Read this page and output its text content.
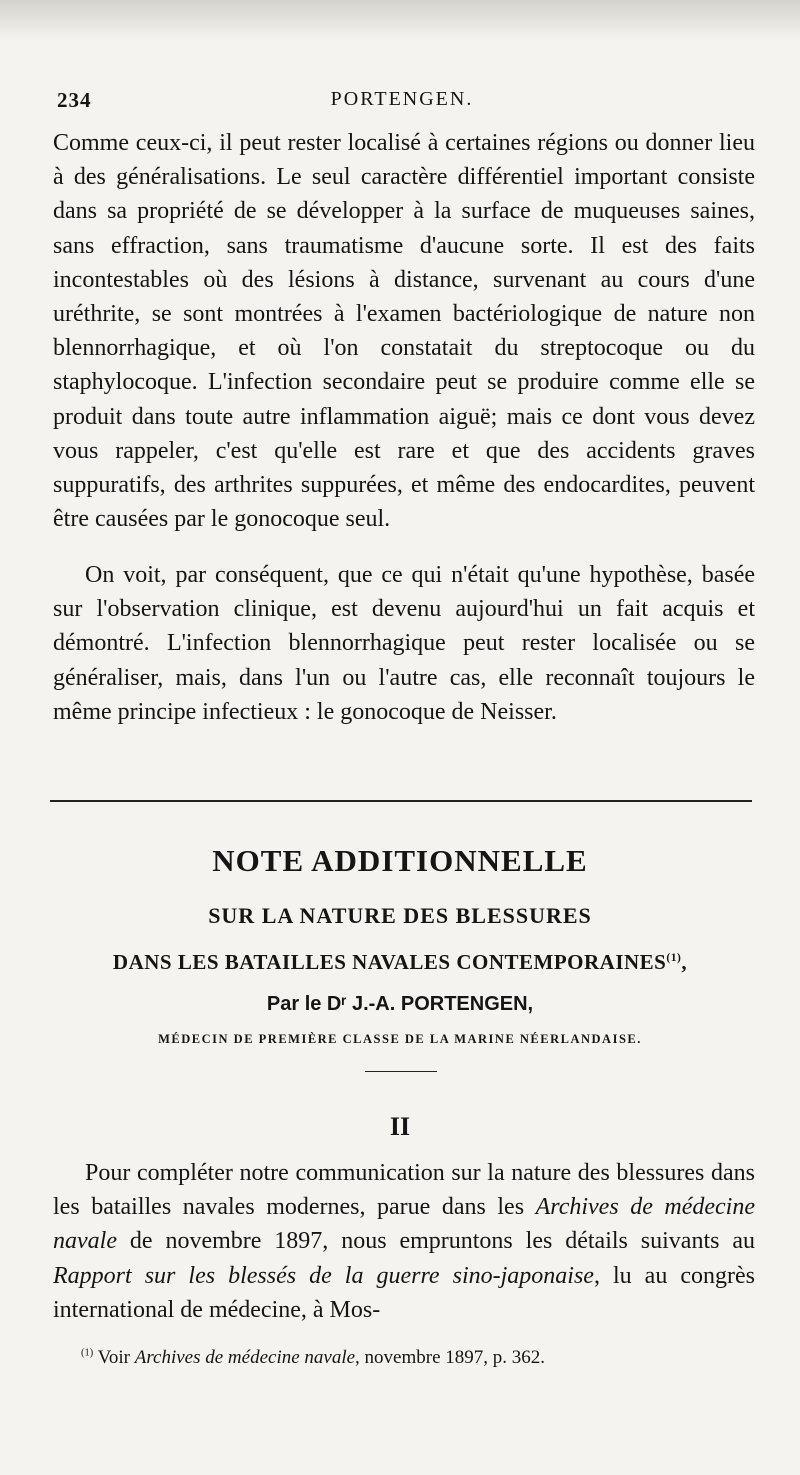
234	PORTENGEN.

Comme ceux-ci, il peut rester localisé à certaines régions ou donner lieu à des généralisations. Le seul caractère différentiel important consiste dans sa propriété de se développer à la surface de muqueuses saines, sans effraction, sans traumatisme d'aucune sorte. Il est des faits incontestables où des lésions à distance, survenant au cours d'une uréthrite, se sont montrées à l'examen bactériologique de nature non blennorrhagique, et où l'on constatait du streptocoque ou du staphylocoque. L'infection secondaire peut se produire comme elle se produit dans toute autre inflammation aiguë; mais ce dont vous devez vous rappeler, c'est qu'elle est rare et que des accidents graves suppuratifs, des arthrites suppurées, et même des endocardites, peuvent être causées par le gonocoque seul.

On voit, par conséquent, que ce qui n'était qu'une hypothèse, basée sur l'observation clinique, est devenu aujourd'hui un fait acquis et démontré. L'infection blennorrhagique peut rester localisée ou se généraliser, mais, dans l'un ou l'autre cas, elle reconnaît toujours le même principe infectieux : le gonocoque de Neisser.

NOTE ADDITIONNELLE
SUR LA NATURE DES BLESSURES
DANS LES BATAILLES NAVALES CONTEMPORAINES$^{(1)}$,
Par le Dʳ J.-A. PORTENGEN,
MÉDECIN DE PREMIÈRE CLASSE DE LA MARINE NÉERLANDAISE.
II

Pour compléter notre communication sur la nature des blessures dans les batailles navales modernes, parue dans les Archives de médecine navale de novembre 1897, nous empruntons les détails suivants au Rapport sur les blessés de la guerre sino-japonaise, lu au congrès international de médecine, à Mos-

$^{(1)}$ Voir Archives de médecine navale, novembre 1897, p. 362.
